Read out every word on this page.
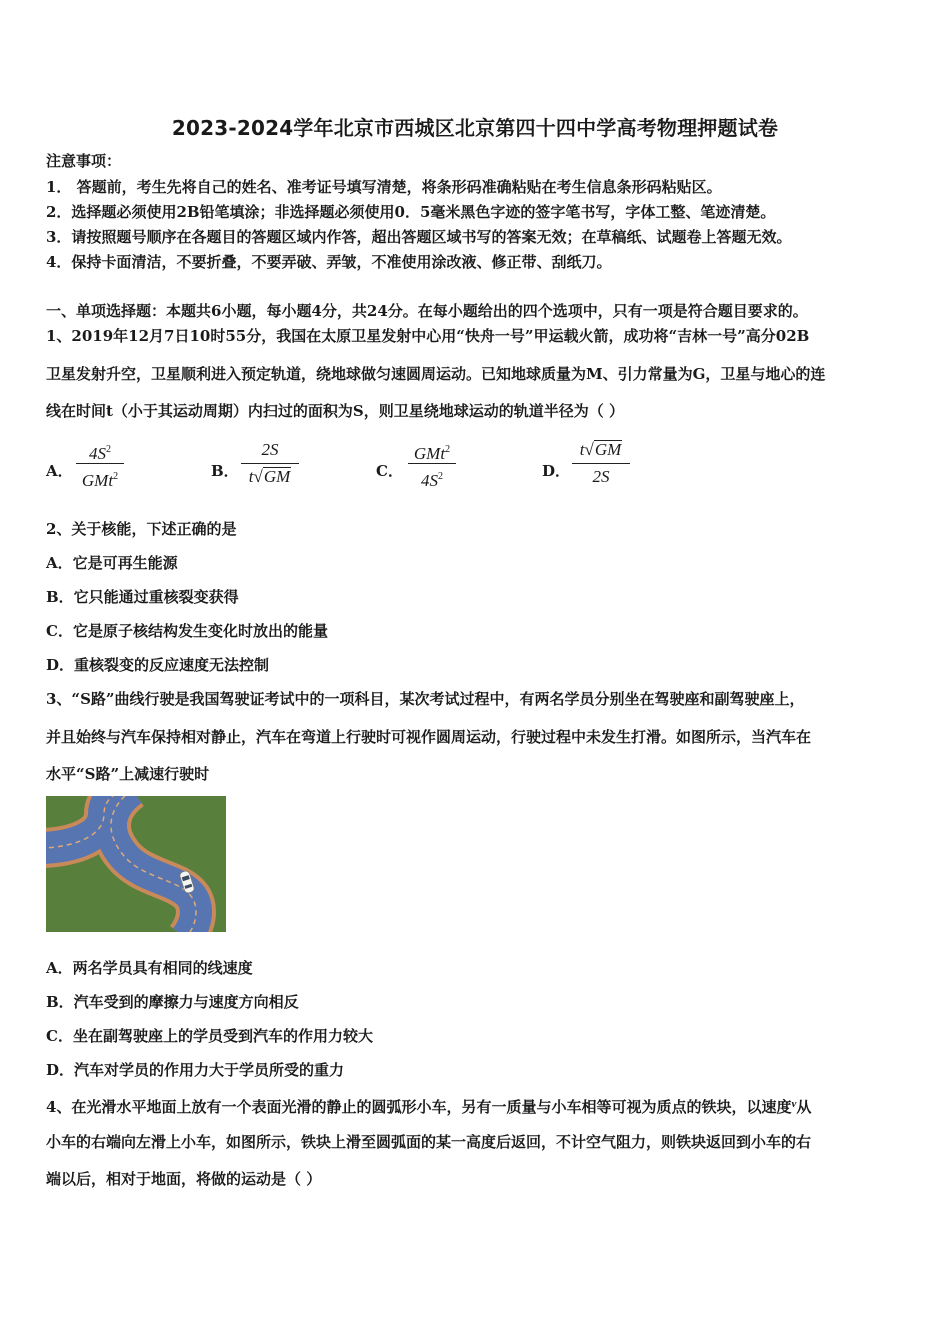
2023-2024学年北京市西城区北京第四十四中学高考物理押题试卷
注意事项：
1． 答题前，考生先将自己的姓名、准考证号填写清楚，将条形码准确粘贴在考生信息条形码粘贴区。
2．选择题必须使用2B铅笔填涂；非选择题必须使用0．5毫米黑色字迹的签字笔书写，字体工整、笔迹清楚。
3．请按照题号顺序在各题目的答题区域内作答，超出答题区域书写的答案无效；在草稿纸、试题卷上答题无效。
4．保持卡面清洁，不要折叠，不要弄破、弄皱，不准使用涂改液、修正带、刮纸刀。
一、单项选择题：本题共6小题，每小题4分，共24分。在每小题给出的四个选项中，只有一项是符合题目要求的。
1、2019年12月7日10时55分，我国在太原卫星发射中心用“快舟一号”甲运载火箭，成功将“吉林一号”高分02B
卫星发射升空，卫星顺利进入预定轨道，绕地球做匀速圆周运动。已知地球质量为M、引力常量为G，卫星与地心的连
线在时间t（小于其运动周期）内扫过的面积为S，则卫星绕地球运动的轨道半径为（ ）
A．
$4S^2$
GMt$^2$	B．
2S
t√GM	C．
GMt$^2$
$4S^2$	D．
t√GM
2S
2、关于核能，下述正确的是
A．它是可再生能源
B．它只能通过重核裂变获得
C．它是原子核结构发生变化时放出的能量
D．重核裂变的反应速度无法控制
3、“S路”曲线行驶是我国驾驶证考试中的一项科目，某次考试过程中，有两名学员分别坐在驾驶座和副驾驶座上，
并且始终与汽车保持相对静止，汽车在弯道上行驶时可视作圆周运动，行驶过程中未发生打滑。如图所示，当汽车在
水平“S路”上减速行驶时
A．两名学员具有相同的线速度
B．汽车受到的摩擦力与速度方向相反
C．坐在副驾驶座上的学员受到汽车的作用力较大
D．汽车对学员的作用力大于学员所受的重力
4、在光滑水平地面上放有一个表面光滑的静止的圆弧形小车，另有一质量与小车相等可视为质点的铁块，以速度$^v$从
小车的右端向左滑上小车，如图所示，铁块上滑至圆弧面的某一高度后返回，不计空气阻力，则铁块返回到小车的右
端以后，相对于地面，将做的运动是（ ）
